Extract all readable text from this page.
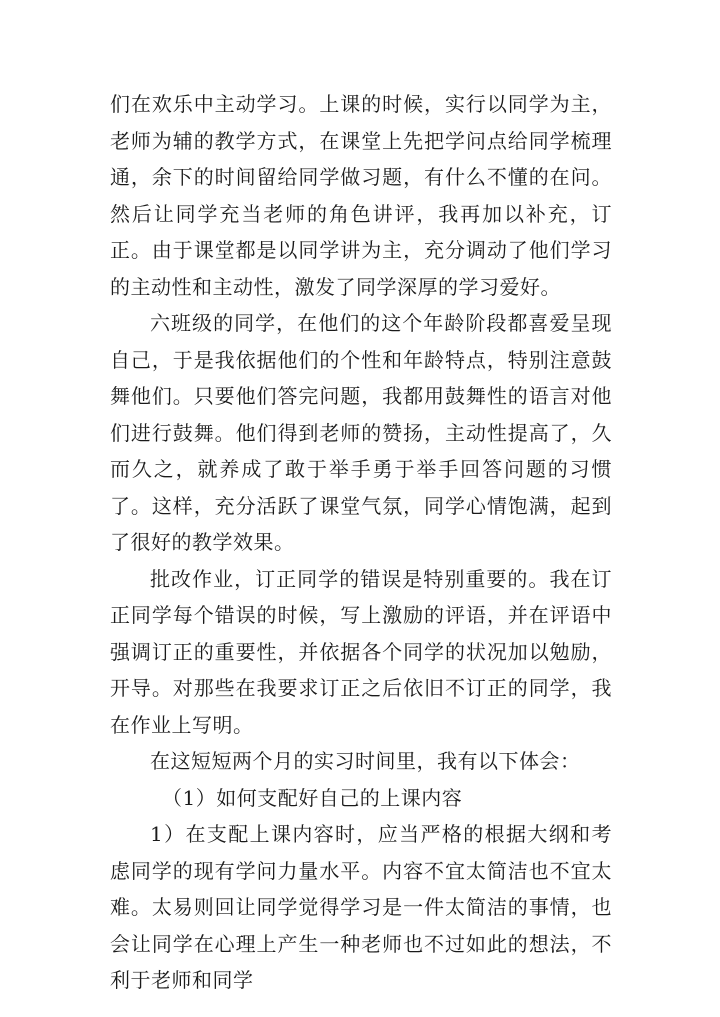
们在欢乐中主动学习。上课的时候，实行以同学为主，老师为辅的教学方式，在课堂上先把学问点给同学梳理通，余下的时间留给同学做习题，有什么不懂的在问。然后让同学充当老师的角色讲评，我再加以补充，订正。由于课堂都是以同学讲为主，充分调动了他们学习的主动性和主动性，激发了同学深厚的学习爱好。

六班级的同学，在他们的这个年龄阶段都喜爱呈现自己，于是我依据他们的个性和年龄特点，特别注意鼓舞他们。只要他们答完问题，我都用鼓舞性的语言对他们进行鼓舞。他们得到老师的赞扬，主动性提高了，久而久之，就养成了敢于举手勇于举手回答问题的习惯了。这样，充分活跃了课堂气氛，同学心情饱满，起到了很好的教学效果。

批改作业，订正同学的错误是特别重要的。我在订正同学每个错误的时候，写上激励的评语，并在评语中强调订正的重要性，并依据各个同学的状况加以勉励，开导。对那些在我要求订正之后依旧不订正的同学，我在作业上写明。

在这短短两个月的实习时间里，我有以下体会：

（1）如何支配好自己的上课内容

1）在支配上课内容时，应当严格的根据大纲和考虑同学的现有学问力量水平。内容不宜太简洁也不宜太难。太易则回让同学觉得学习是一件太简洁的事情，也会让同学在心理上产生一种老师也不过如此的想法，不利于老师和同学
